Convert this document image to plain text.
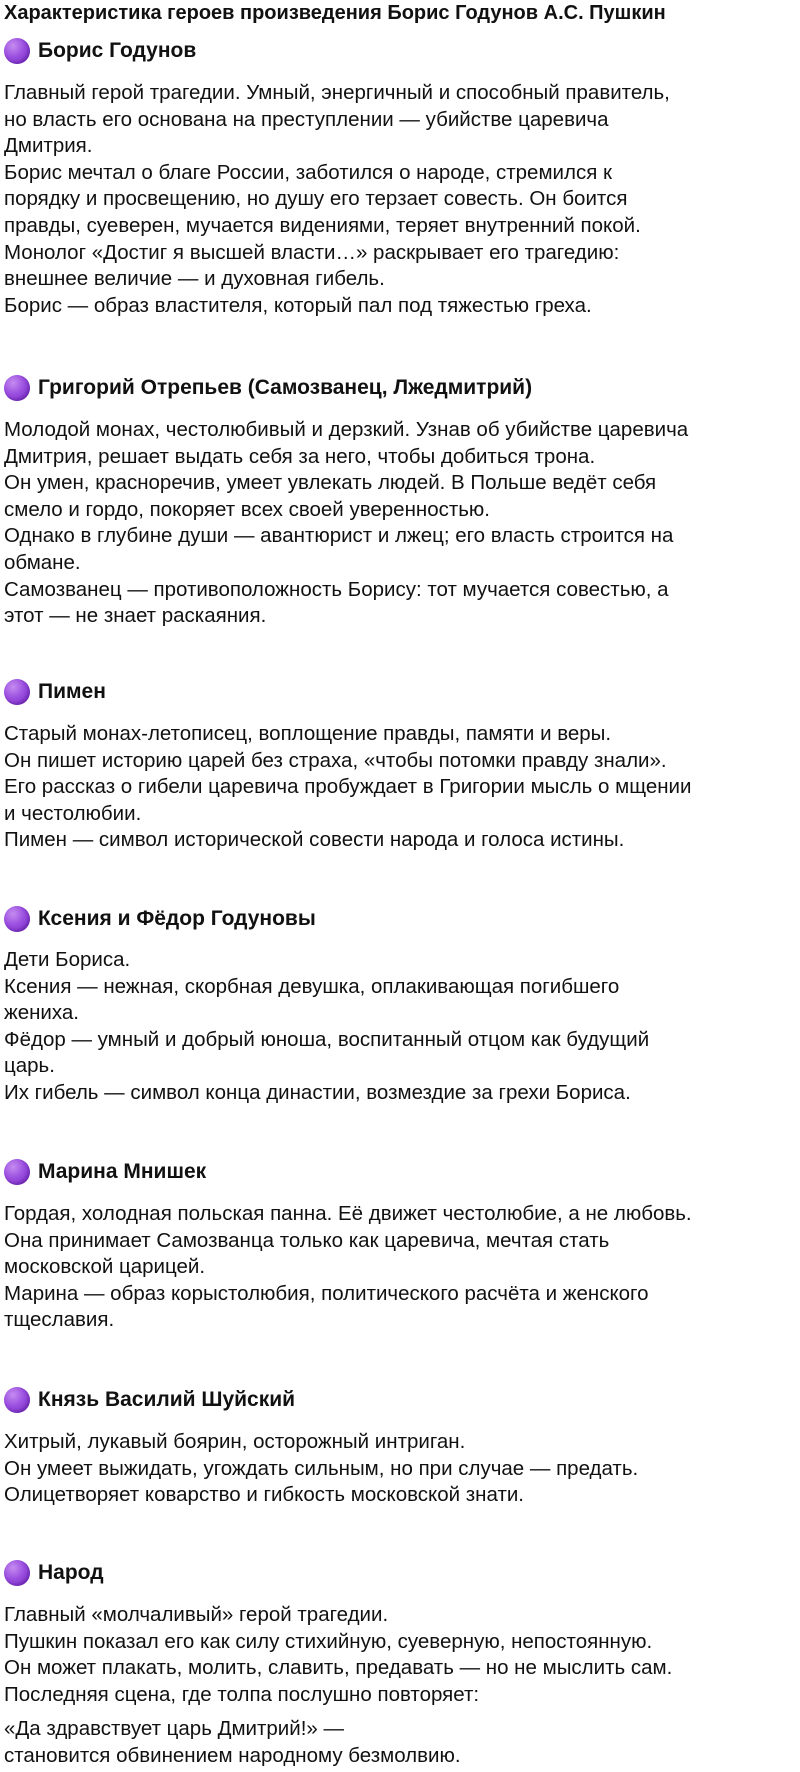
Характеристика героев произведения Борис Годунов А.С. Пушкин
Борис Годунов
Главный герой трагедии. Умный, энергичный и способный правитель,
но власть его основана на преступлении — убийстве царевича
Дмитрия.
Борис мечтал о благе России, заботился о народе, стремился к
порядку и просвещению, но душу его терзает совесть. Он боится
правды, суеверен, мучается видениями, теряет внутренний покой.
Монолог «Достиг я высшей власти…» раскрывает его трагедию:
внешнее величие — и духовная гибель.
Борис — образ властителя, который пал под тяжестью греха.
Григорий Отрепьев (Самозванец, Лжедмитрий)
Молодой монах, честолюбивый и дерзкий. Узнав об убийстве царевича
Дмитрия, решает выдать себя за него, чтобы добиться трона.
Он умен, красноречив, умеет увлекать людей. В Польше ведёт себя
смело и гордо, покоряет всех своей уверенностью.
Однако в глубине души — авантюрист и лжец; его власть строится на
обмане.
Самозванец — противоположность Борису: тот мучается совестью, а
этот — не знает раскаяния.
Пимен
Старый монах-летописец, воплощение правды, памяти и веры.
Он пишет историю царей без страха, «чтобы потомки правду знали».
Его рассказ о гибели царевича пробуждает в Григории мысль о мщении
и честолюбии.
Пимен — символ исторической совести народа и голоса истины.
Ксения и Фёдор Годуновы
Дети Бориса.
Ксения — нежная, скорбная девушка, оплакивающая погибшего
жениха.
Фёдор — умный и добрый юноша, воспитанный отцом как будущий
царь.
Их гибель — символ конца династии, возмездие за грехи Бориса.
Марина Мнишек
Гордая, холодная польская панна. Её движет честолюбие, а не любовь.
Она принимает Самозванца только как царевича, мечтая стать
московской царицей.
Марина — образ корыстолюбия, политического расчёта и женского
тщеславия.
Князь Василий Шуйский
Хитрый, лукавый боярин, осторожный интриган.
Он умеет выжидать, угождать сильным, но при случае — предать.
Олицетворяет коварство и гибкость московской знати.
Народ
Главный «молчаливый» герой трагедии.
Пушкин показал его как силу стихийную, суеверную, непостоянную.
Он может плакать, молить, славить, предавать — но не мыслить сам.
Последняя сцена, где толпа послушно повторяет:
«Да здравствует царь Дмитрий!» —
становится обвинением народному безмолвию.
